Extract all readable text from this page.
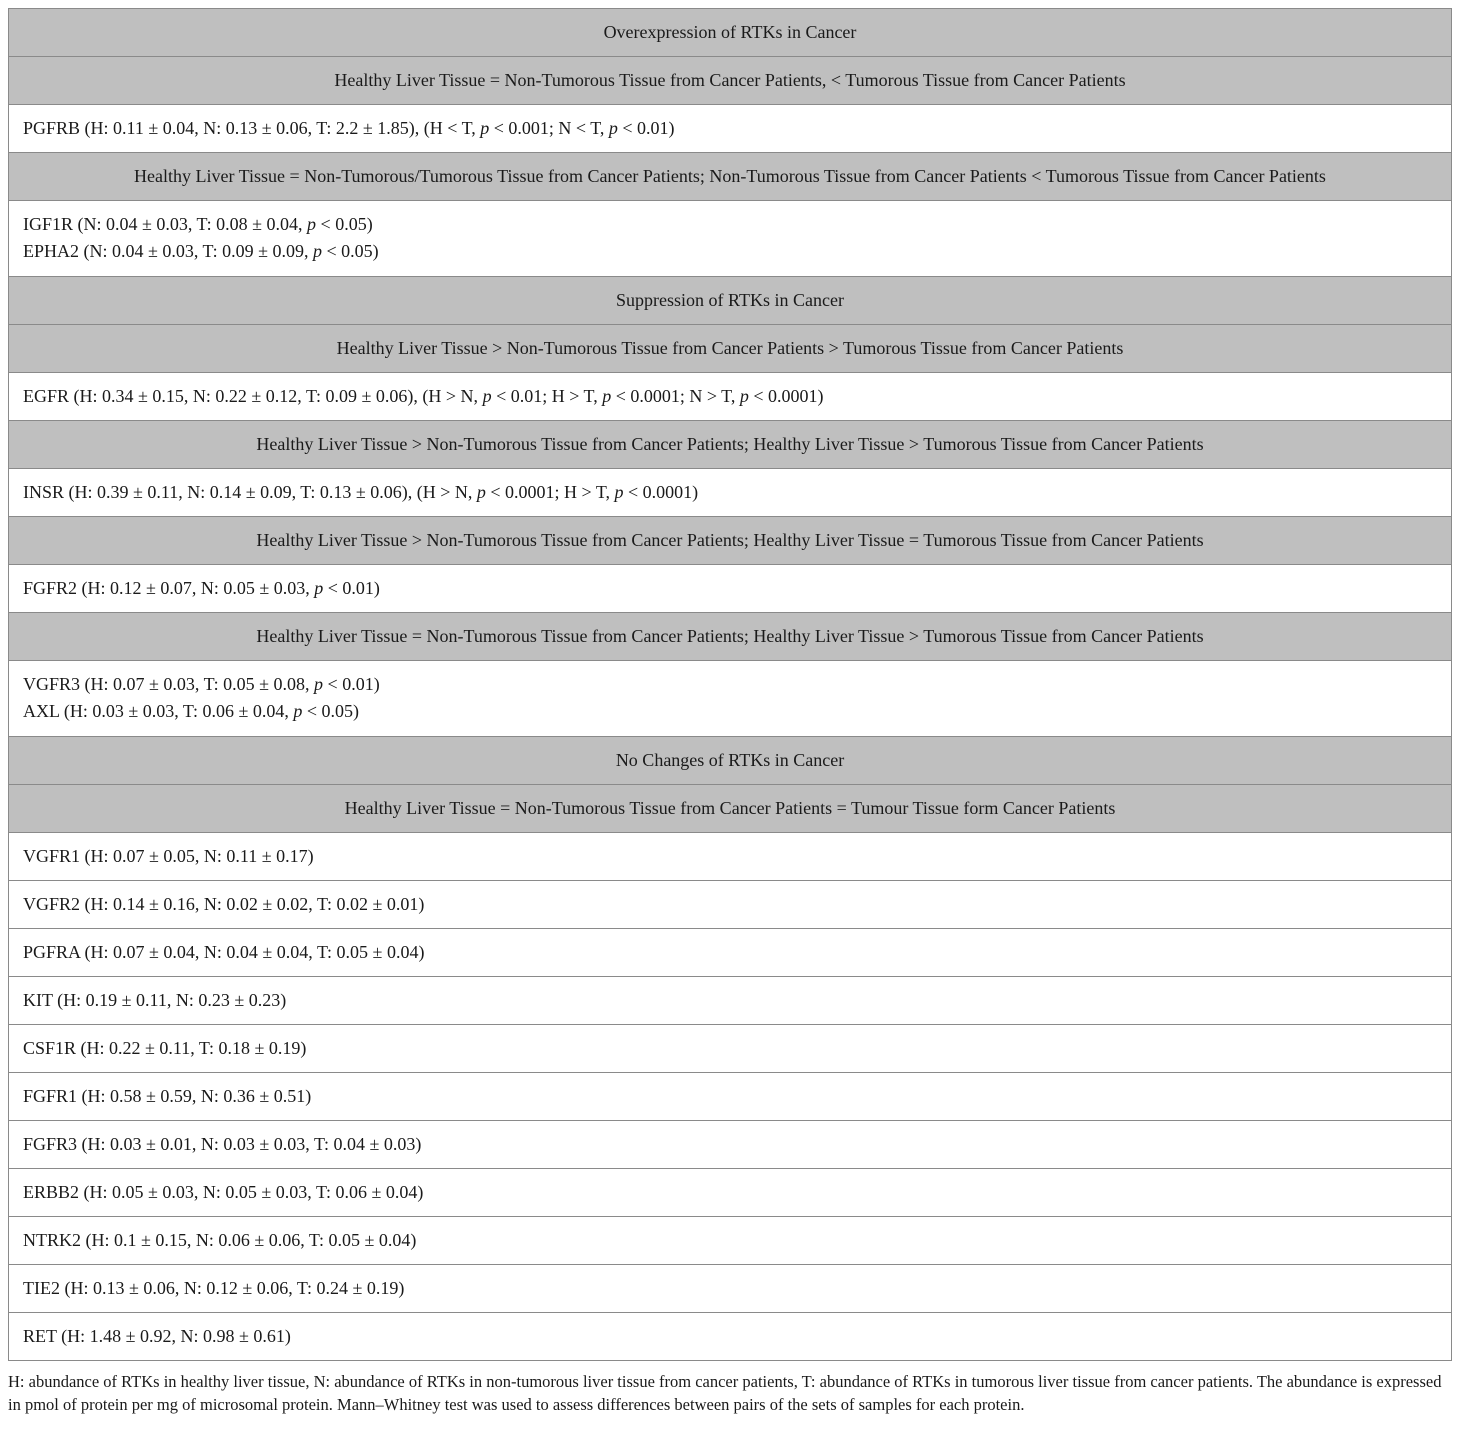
Overexpression of RTKs in Cancer
Healthy Liver Tissue = Non-Tumorous Tissue from Cancer Patients, < Tumorous Tissue from Cancer Patients

PGFRB (H: 0.11 ± 0.04, N: 0.13 ± 0.06, T: 2.2 ± 1.85), (H < T, p < 0.001; N < T, p < 0.01)

Healthy Liver Tissue = Non-Tumorous/Tumorous Tissue from Cancer Patients; Non-Tumorous Tissue from Cancer Patients < Tumorous Tissue from Cancer Patients

IGF1R (N: 0.04 ± 0.03, T: 0.08 ± 0.04, p < 0.05)
EPHA2 (N: 0.04 ± 0.03, T: 0.09 ± 0.09, p < 0.05)

Suppression of RTKs in Cancer
Healthy Liver Tissue > Non-Tumorous Tissue from Cancer Patients > Tumorous Tissue from Cancer Patients

EGFR (H: 0.34 ± 0.15, N: 0.22 ± 0.12, T: 0.09 ± 0.06), (H > N, p < 0.01; H > T, p < 0.0001; N > T, p < 0.0001)

Healthy Liver Tissue > Non-Tumorous Tissue from Cancer Patients; Healthy Liver Tissue > Tumorous Tissue from Cancer Patients

INSR (H: 0.39 ± 0.11, N: 0.14 ± 0.09, T: 0.13 ± 0.06), (H > N, p < 0.0001; H > T, p < 0.0001)

Healthy Liver Tissue > Non-Tumorous Tissue from Cancer Patients; Healthy Liver Tissue = Tumorous Tissue from Cancer Patients

FGFR2 (H: 0.12 ± 0.07, N: 0.05 ± 0.03, p < 0.01)

Healthy Liver Tissue = Non-Tumorous Tissue from Cancer Patients; Healthy Liver Tissue > Tumorous Tissue from Cancer Patients

VGFR3 (H: 0.07 ± 0.03, T: 0.05 ± 0.08, p < 0.01)
AXL (H: 0.03 ± 0.03, T: 0.06 ± 0.04, p < 0.05)

No Changes of RTKs in Cancer
Healthy Liver Tissue = Non-Tumorous Tissue from Cancer Patients = Tumour Tissue form Cancer Patients

VGFR1 (H: 0.07 ± 0.05, N: 0.11 ± 0.17)

VGFR2 (H: 0.14 ± 0.16, N: 0.02 ± 0.02, T: 0.02 ± 0.01)

PGFRA (H: 0.07 ± 0.04, N: 0.04 ± 0.04, T: 0.05 ± 0.04)

KIT (H: 0.19 ± 0.11, N: 0.23 ± 0.23)

CSF1R (H: 0.22 ± 0.11, T: 0.18 ± 0.19)

FGFR1 (H: 0.58 ± 0.59, N: 0.36 ± 0.51)

FGFR3 (H: 0.03 ± 0.01, N: 0.03 ± 0.03, T: 0.04 ± 0.03)

ERBB2 (H: 0.05 ± 0.03, N: 0.05 ± 0.03, T: 0.06 ± 0.04)

NTRK2 (H: 0.1 ± 0.15, N: 0.06 ± 0.06, T: 0.05 ± 0.04)

TIE2 (H: 0.13 ± 0.06, N: 0.12 ± 0.06, T: 0.24 ± 0.19)

RET (H: 1.48 ± 0.92, N: 0.98 ± 0.61)
H: abundance of RTKs in healthy liver tissue, N: abundance of RTKs in non-tumorous liver tissue from cancer patients, T: abundance of RTKs in tumorous liver tissue from cancer patients. The abundance is expressed in pmol of protein per mg of microsomal protein. Mann–Whitney test was used to assess differences between pairs of the sets of samples for each protein.
